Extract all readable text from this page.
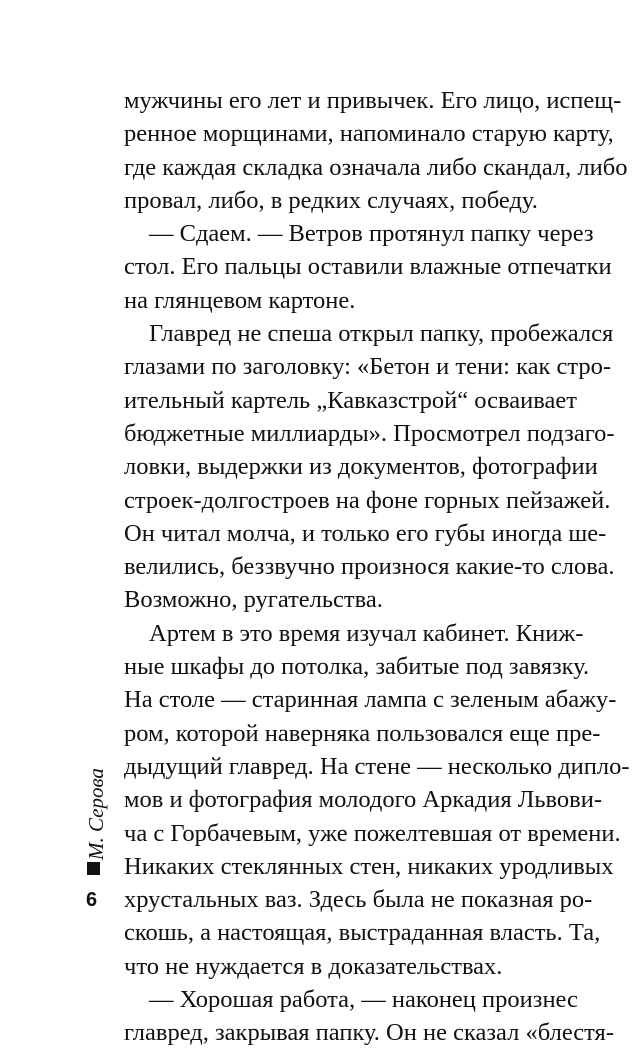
мужчины его лет и привычек. Его лицо, испещ-
ренное морщинами, напоминало старую карту,
где каждая складка означала либо скандал, либо
провал, либо, в редких случаях, победу.

— Сдаем. — Ветров протянул папку через
стол. Его пальцы оставили влажные отпечатки
на глянцевом картоне.

Главред не спеша открыл папку, пробежался
глазами по заголовку: «Бетон и тени: как стро-
ительный картель „Кавказстрой“ осваивает
бюджетные миллиарды». Просмотрел подзаго-
ловки, выдержки из документов, фотографии
строек-долгостроев на фоне горных пейзажей.
Он читал молча, и только его губы иногда ше-
велились, беззвучно произнося какие-то слова.
Возможно, ругательства.

Артем в это время изучал кабинет. Книж-
ные шкафы до потолка, забитые под завязку.
На столе — старинная лампа с зеленым абажу-
ром, которой наверняка пользовался еще пре-
дыдущий главред. На стене — несколько дипло-
мов и фотография молодого Аркадия Львови-
ча с Горбачевым, уже пожелтевшая от времени.
Никаких стеклянных стен, никаких уродливых
хрустальных ваз. Здесь была не показная ро-
скошь, а настоящая, выстраданная власть. Та,
что не нуждается в доказательствах.

— Хорошая работа, — наконец произнес
главред, закрывая папку. Он не сказал «блестя-

М. Серова
6
